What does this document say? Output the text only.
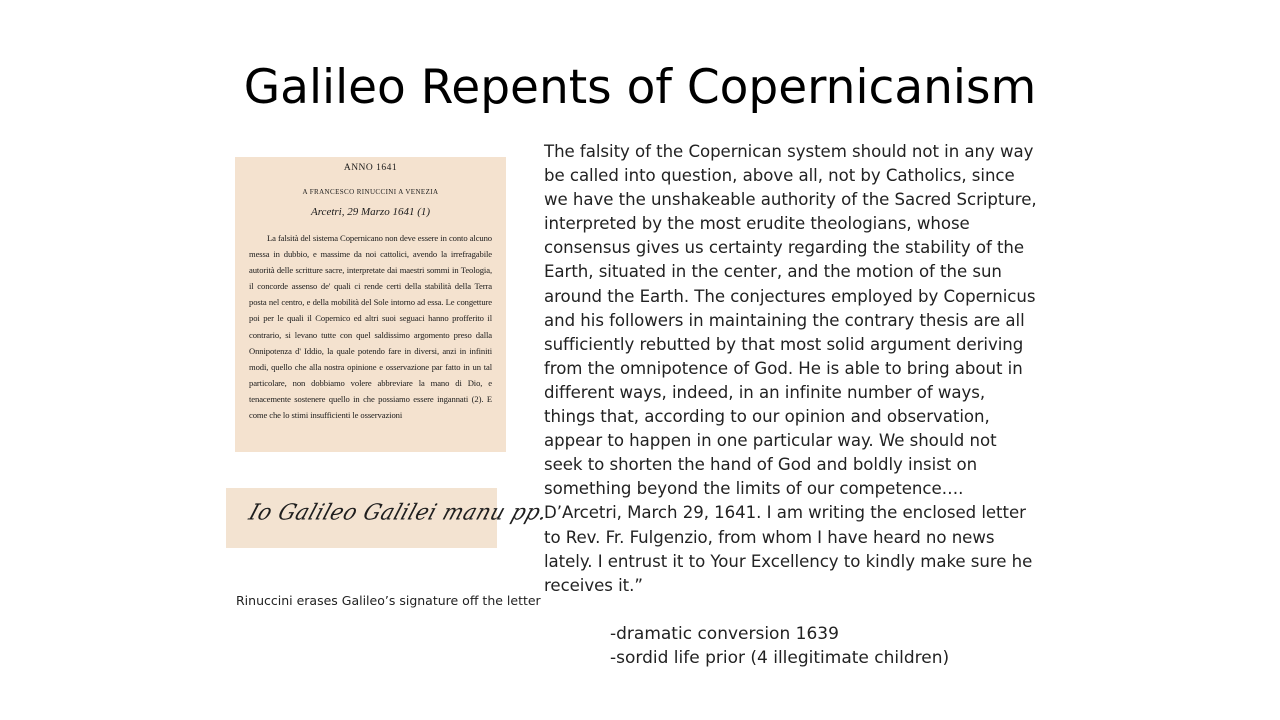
Galileo Repents of Copernicanism
ANNO 1641
A FRANCESCO RINUCCINI A VENEZIA
Arcetri, 29 Marzo 1641 (1)
La falsità del sistema Copernicano non deve essere in conto alcuno messa in dubbio, e massime da noi cattolici, avendo la irrefragabile autorità delle scritture sacre, interpretate dai maestri sommi in Teologia, il concorde assenso de' quali ci rende certi della stabilità della Terra posta nel centro, e della mobilità del Sole intorno ad essa. Le congetture poi per le quali il Copernico ed altri suoi seguaci hanno profferito il contrario, si levano tutte con quel saldissimo argomento preso dalla Onnipotenza d' Iddio, la quale potendo fare in diversi, anzi in infiniti modi, quello che alla nostra opinione e osservazione par fatto in un tal particolare, non dobbiamo volere abbreviare la mano di Dio, e tenacemente sostenere quello in che possiamo essere ingannati (2). E come che lo stimi insufficienti le osservazioni
Io Galileo Galilei manu pp.
Rinuccini erases Galileo’s signature off the letter

The falsity of the Copernican system should not in any way

be called into question, above all, not by Catholics, since

we have the unshakeable authority of the Sacred Scripture,

interpreted by the most erudite theologians, whose

consensus gives us certainty regarding the stability of the

Earth, situated in the center, and the motion of the sun

around the Earth. The conjectures employed by Copernicus

and his followers in maintaining the contrary thesis are all

sufficiently rebutted by that most solid argument deriving

from the omnipotence of God. He is able to bring about in

different ways, indeed, in an infinite number of ways,

things that, according to our opinion and observation,

appear to happen in one particular way. We should not

seek to shorten the hand of God and boldly insist on

something beyond the limits of our competence….

D’Arcetri, March 29, 1641. I am writing the enclosed letter

to Rev. Fr. Fulgenzio, from whom I have heard no news

lately. I entrust it to Your Excellency to kindly make sure he

receives it.”

-dramatic conversion 1639
-sordid life prior (4 illegitimate children)
